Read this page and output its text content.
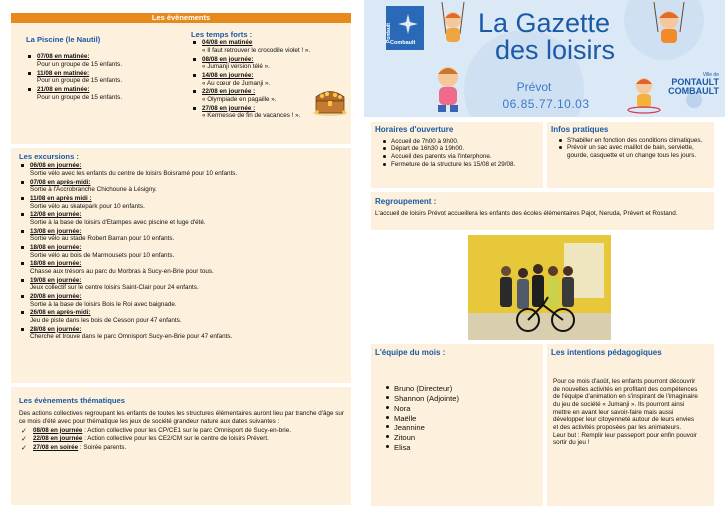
Les évènements
La Piscine (le Nautil)
07/08 en matinée:
Pour un groupe de 15 enfants.
11/08 en matinée:
Pour un groupe de 15 enfants.
21/08 en matinée:
Pour un groupe de 15 enfants.
Les temps forts :
04/08 en matinée
« Il faut retrouver le crocodile violet ! ».
08/08 en journée:
« Jumanji version télé ».
14/08 en journée:
« Au cœur de Jumanji ».
22/08 en journée :
« Olympiade en pagaille ».
27/08 en journée :
« Kermesse de fin de vacances ! ».
Les excursions :
06/08 en journée:
Sortie vélo avec les enfants du centre de loisirs Boisramé pour 10 enfants.
07/08 en après-midi:
Sortie à l'Accrobranche Chichoune à Lésigny.
11/08 en après midi :
Sortie vélo au skatepark pour 10 enfants.
12/08 en journée:
Sortie à la base de loisirs d'Etampes avec piscine et luge d'été.
13/08 en journée:
Sortie vélo au stade Robert Barran pour 10 enfants.
18/08 en journée:
Sortie vélo au bois de Marmousets pour 10 enfants.
18/08 en journée:
Chasse aux trésors au parc du Morbras à Sucy-en-Brie pour tous.
19/08 en journée:
Jeux collectif sur le centre loisirs Saint-Clair pour 24 enfants.
20/08 en journée:
Sortie à la base de loisirs Bois le Roi avec baignade.
26/08 en après-midi:
Jeu de piste dans les bois de Cesson pour 47 enfants.
28/08 en journée:
Cherche et trouve dans le parc Omnisport Sucy-en-Brie pour 47 enfants.
Les évènements thématiques
Des actions collectives regroupant les enfants de toutes les structures élémentaires auront lieu par tranche d'âge sur ce mois d'été avec pour thématique les jeux de société grandeur nature aux dates suivantes :
✓ 08/08 en journée : Action collective pour les CP/CE1 sur le parc Omnisport de Sucy-en-brie.
✓ 22/08 en journée : Action collective pour les CE2/CM sur le centre de loisirs Prévert.
✓ 27/08 en soirée : Soirée parents.
Pontault
Combault
La Gazette
des loisirs
Prévot
06.85.77.10.03
Ville de
PONTAULT
COMBAULT
Horaires d'ouverture
Accueil de 7h00 à 9h00.
Départ de 16h30 à 19h00.
Accueil des parents via l'interphone.
Fermeture de la structure les 15/08 et 29/08.
Infos pratiques
S'habiller en fonction des conditions climatiques.
Prévoir un sac avec maillot de bain, serviette, gourde, casquette et un change tous les jours.
Regroupement :
L'accueil de loisirs Prévot accueillera les enfants des écoles élémentaires Pajot, Neruda, Prévert et Rostand.
L'équipe du mois :
Bruno (Directeur)
Shannon (Adjointe)
Nora
Maëlle
Jeannine
Zitoun
Elisa
Les intentions pédagogiques
Pour ce mois d'août, les enfants pourront découvrir de nouvelles activités en profitant des compétences de l'équipe d'animation en s'inspirant de l'imaginaire du jeu de société « Jumanji ». Ils pourront ainsi mettre en avant leur savoir-faire mais aussi développer leur citoyenneté autour de leurs envies et des activités proposées par les animateurs.
Leur but : Remplir leur passeport pour enfin pouvoir sortir du jeu !
